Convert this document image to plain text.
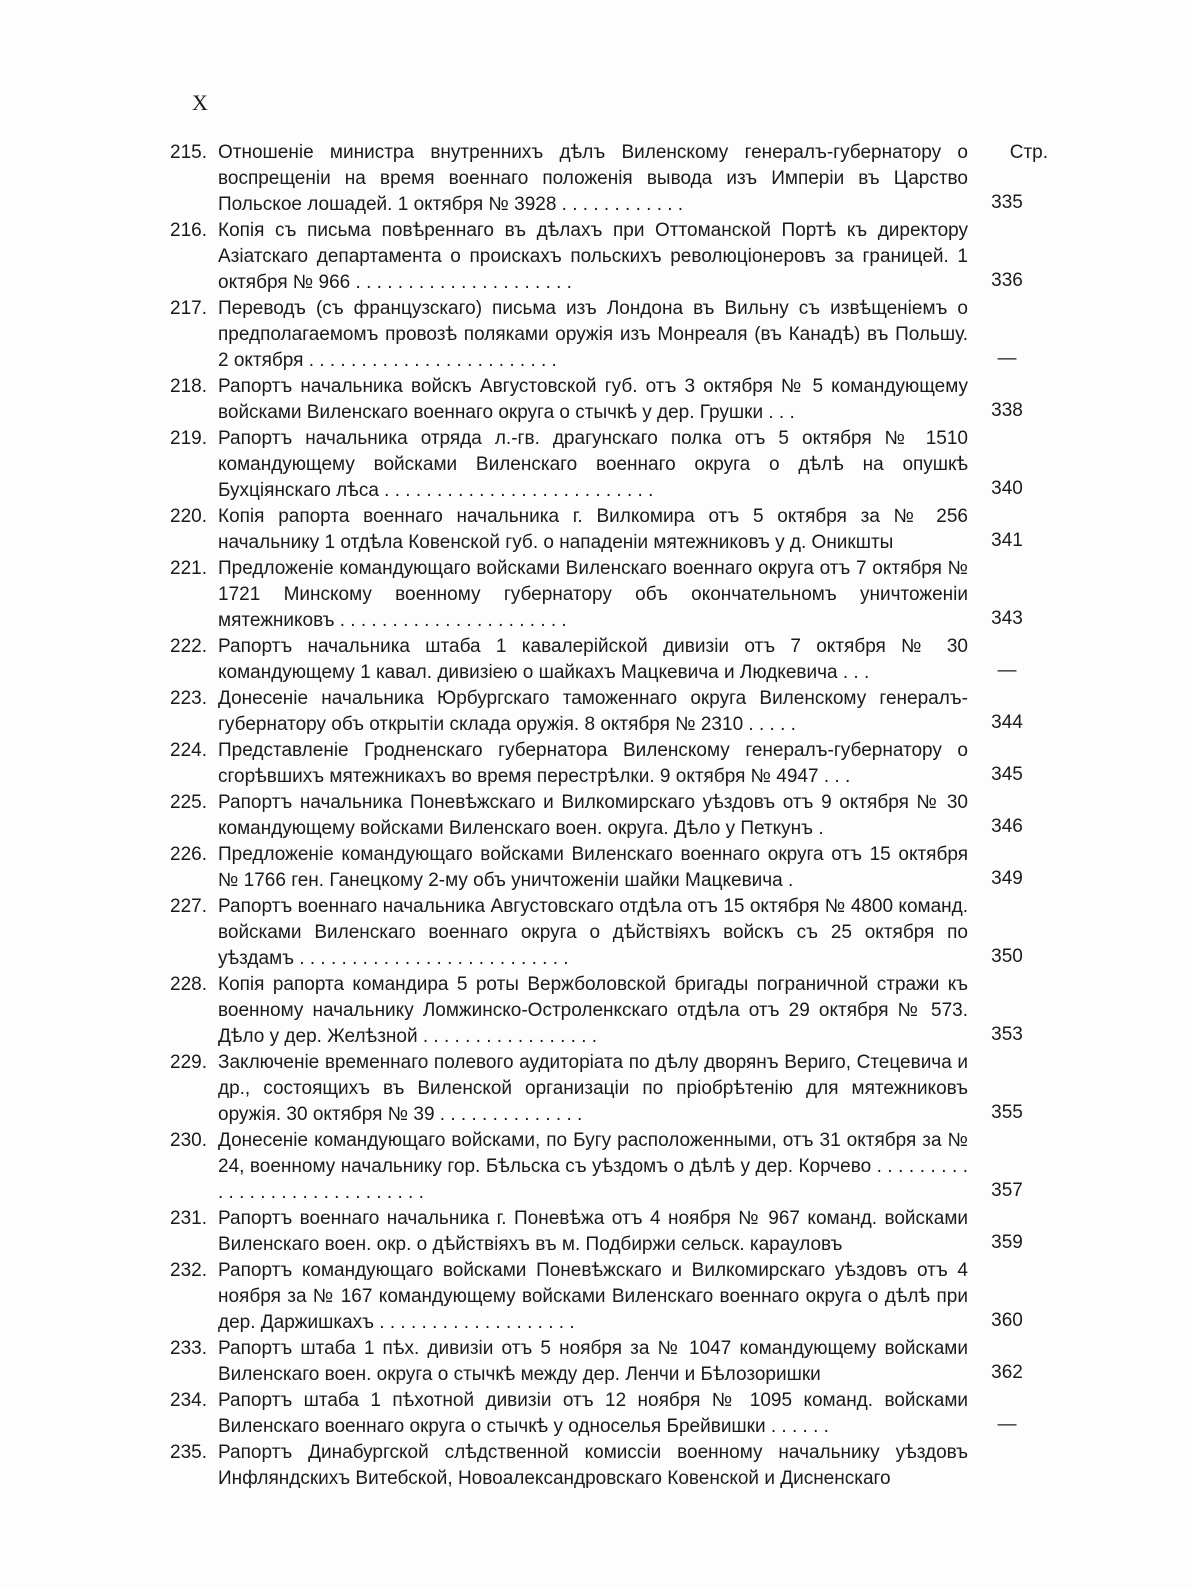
X
Стр.
215. Отношеніе министра внутреннихъ дѣлъ Виленскому генералъ-губернатору о воспрещеніи на время военнаго положенія вывода изъ Имперіи въ Царство Польское лошадей. 1 октября № 3928 . . . . . . . . . . . .	335
216. Копія съ письма повѣреннаго въ дѣлахъ при Оттоманской Портѣ къ директору Азіатскаго департамента о проискахъ польскихъ революціонеровъ за границей. 1 октября № 966 . . . . . . . . . . . . . . . . . . . . .	336
217. Переводъ (съ французскаго) письма изъ Лондона въ Вильну съ извѣщеніемъ о предполагаемомъ провозѣ поляками оружія изъ Монреаля (въ Канадѣ) въ Польшу. 2 октября . . . . . . . . . . . . . . . . . . . . . . . .	—
218. Рапортъ начальника войскъ Августовской губ. отъ 3 октября № 5 командующему войсками Виленскаго военнаго округа о стычкѣ у дер. Грушки . . .	338
219. Рапортъ начальника отряда л.-гв. драгунскаго полка отъ 5 октября № 1510 командующему войсками Виленскаго военнаго округа о дѣлѣ на опушкѣ Бухціянскаго лѣса . . . . . . . . . . . . . . . . . . . . . . . . . .	340
220. Копія рапорта военнаго начальника г. Вилкомира отъ 5 октября за № 256 начальнику 1 отдѣла Ковенской губ. о нападеніи мятежниковъ у д. Оникшты	341
221. Предложеніе командующаго войсками Виленскаго военнаго округа отъ 7 октября № 1721 Минскому военному губернатору объ окончательномъ уничтоженіи мятежниковъ . . . . . . . . . . . . . . . . . . . . . .	343
222. Рапортъ начальника штаба 1 кавалерійской дивизіи отъ 7 октября № 30 командующему 1 кавал. дивизіею о шайкахъ Мацкевича и Людкевича . . .	—
223. Донесеніе начальника Юрбургскаго таможеннаго округа Виленскому генералъ-губернатору объ открытіи склада оружія. 8 октября № 2310 . . . . .	344
224. Представленіе Гродненскаго губернатора Виленскому генералъ-губернатору о сгорѣвшихъ мятежникахъ во время перестрѣлки. 9 октября № 4947 . . .	345
225. Рапортъ начальника Поневѣжскаго и Вилкомирскаго уѣздовъ отъ 9 октября № 30 командующему войсками Виленскаго воен. округа. Дѣло у Петкунъ .	346
226. Предложеніе командующаго войсками Виленскаго военнаго округа отъ 15 октября № 1766 ген. Ганецкому 2-му объ уничтоженіи шайки Мацкевича .	349
227. Рапортъ военнаго начальника Августовскаго отдѣла отъ 15 октября № 4800 команд. войсками Виленскаго военнаго округа о дѣйствіяхъ войскъ съ 25 октября по уѣздамъ . . . . . . . . . . . . . . . . . . . . . . . . . .	350
228. Копія рапорта командира 5 роты Вержболовской бригады пограничной стражи къ военному начальнику Ломжинско-Остроленкскаго отдѣла отъ 29 октября № 573. Дѣло у дер. Желѣзной . . . . . . . . . . . . . . . . .	353
229. Заключеніе временнаго полевого аудиторіата по дѣлу дворянъ Вериго, Стецевича и др., состоящихъ въ Виленской организаціи по пріобрѣтенію для мятежниковъ оружія. 30 октября № 39 . . . . . . . . . . . . . .	355
230. Донесеніе командующаго войсками, по Бугу расположенными, отъ 31 октября за № 24, военному начальнику гор. Бѣльска съ уѣздомъ о дѣлѣ у дер. Корчево . . . . . . . . . . . . . . . . . . . . . . . . . . . . .	357
231. Рапортъ военнаго начальника г. Поневѣжа отъ 4 ноября № 967 команд. войсками Виленскаго воен. окр. о дѣйствіяхъ въ м. Подбиржи сельск. карауловъ	359
232. Рапортъ командующаго войсками Поневѣжскаго и Вилкомирскаго уѣздовъ отъ 4 ноября за № 167 командующему войсками Виленскаго военнаго округа о дѣлѣ при дер. Даржишкахъ . . . . . . . . . . . . . . . . . . .	360
233. Рапортъ штаба 1 пѣх. дивизіи отъ 5 ноября за № 1047 командующему войсками Виленскаго воен. округа о стычкѣ между дер. Ленчи и Бѣлозоришки	362
234. Рапортъ штаба 1 пѣхотной дивизіи отъ 12 ноября № 1095 команд. войсками Виленскаго военнаго округа о стычкѣ у односелья Брейвишки . . . . . .	—
235. Рапортъ Динабургской слѣдственной комиссіи военному начальнику уѣздовъ Инфляндскихъ Витебской, Новоалександровскаго Ковенской и Дисненскаго
